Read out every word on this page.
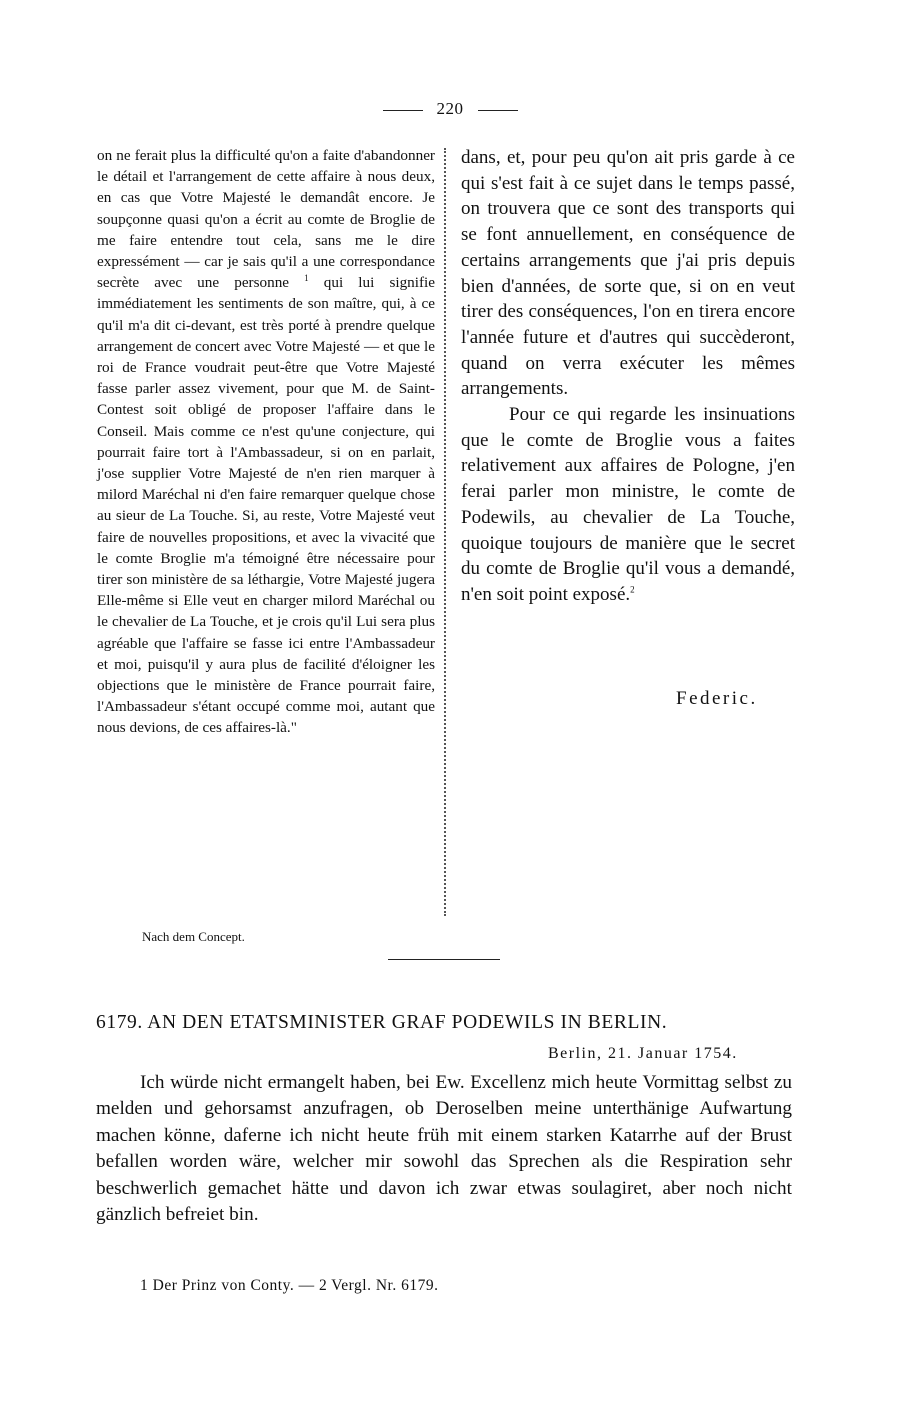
220

on ne ferait plus la difficulté qu'on a faite d'abandonner le détail et l'arrangement de cette affaire à nous deux, en cas que Votre Majesté le demandât encore. Je soupçonne quasi qu'on a écrit au comte de Broglie de me faire entendre tout cela, sans me le dire expressément — car je sais qu'il a une correspondance secrète avec une personne $^1$ qui lui signifie immédiatement les sentiments de son maître, qui, à ce qu'il m'a dit ci-devant, est très porté à prendre quelque arrangement de concert avec Votre Majesté — et que le roi de France voudrait peut-être que Votre Majesté fasse parler assez vivement, pour que M. de Saint-Contest soit obligé de proposer l'affaire dans le Conseil. Mais comme ce n'est qu'une conjecture, qui pourrait faire tort à l'Ambassadeur, si on en parlait, j'ose supplier Votre Majesté de n'en rien marquer à milord Maréchal ni d'en faire remarquer quelque chose au sieur de La Touche. Si, au reste, Votre Majesté veut faire de nouvelles propositions, et avec la vivacité que le comte Broglie m'a témoigné être nécessaire pour tirer son ministère de sa léthargie, Votre Majesté jugera Elle-même si Elle veut en charger milord Maréchal ou le chevalier de La Touche, et je crois qu'il Lui sera plus agréable que l'affaire se fasse ici entre l'Ambassadeur et moi, puisqu'il y aura plus de facilité d'éloigner les objections que le ministère de France pourrait faire, l'Ambassadeur s'étant occupé comme moi, autant que nous devions, de ces affaires-là."

dans, et, pour peu qu'on ait pris garde à ce qui s'est fait à ce sujet dans le temps passé, on trouvera que ce sont des transports qui se font annuellement, en conséquence de certains arrangements que j'ai pris depuis bien d'années, de sorte que, si on en veut tirer des conséquences, l'on en tirera encore l'année future et d'autres qui succèderont, quand on verra exécuter les mêmes arrangements.

Pour ce qui regarde les insinuations que le comte de Broglie vous a faites relativement aux affaires de Pologne, j'en ferai parler mon ministre, le comte de Podewils, au chevalier de La Touche, quoique toujours de manière que le secret du comte de Broglie qu'il vous a demandé, n'en soit point exposé.$^2$

Federic.
Nach dem Concept.
6179. AN DEN ETATSMINISTER GRAF PODEWILS IN BERLIN.
Berlin, 21. Januar 1754.

Ich würde nicht ermangelt haben, bei Ew. Excellenz mich heute Vormittag selbst zu melden und gehorsamst anzufragen, ob Deroselben meine unterthänige Aufwartung machen könne, daferne ich nicht heute früh mit einem starken Katarrhe auf der Brust befallen worden wäre, welcher mir sowohl das Sprechen als die Respiration sehr beschwerlich gemachet hätte und davon ich zwar etwas soulagiret, aber noch nicht gänzlich befreiet bin.

1 Der Prinz von Conty. — 2 Vergl. Nr. 6179.
